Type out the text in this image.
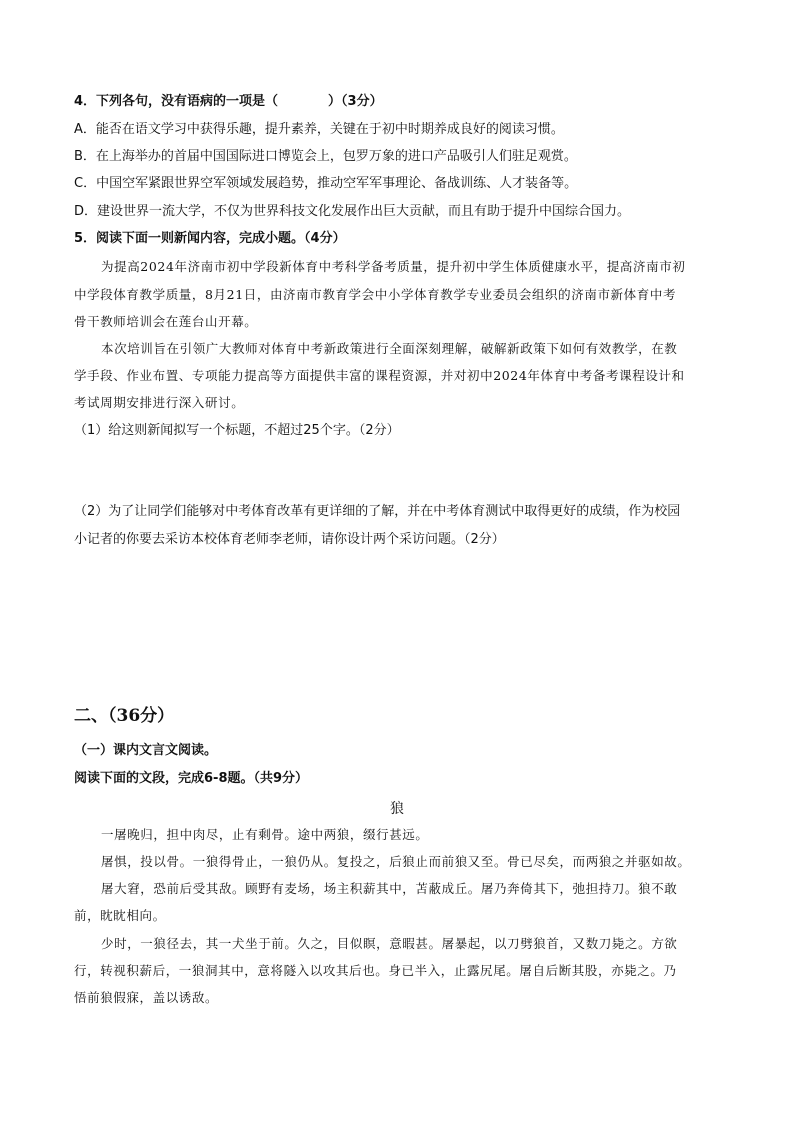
4．下列各句，没有语病的一项是（	）（3分）
A．能否在语文学习中获得乐趣，提升素养，关键在于初中时期养成良好的阅读习惯。
B．在上海举办的首届中国国际进口博览会上，包罗万象的进口产品吸引人们驻足观赏。
C．中国空军紧跟世界空军领域发展趋势，推动空军军事理论、备战训练、人才装备等。
D．建设世界一流大学，不仅为世界科技文化发展作出巨大贡献，而且有助于提升中国综合国力。
5．阅读下面一则新闻内容，完成小题。（4分）
为提高2024年济南市初中学段新体育中考科学备考质量，提升初中学生体质健康水平，提高济南市初
中学段体育教学质量，8月21日，由济南市教育学会中小学体育教学专业委员会组织的济南市新体育中考
骨干教师培训会在莲台山开幕。
本次培训旨在引领广大教师对体育中考新政策进行全面深刻理解，破解新政策下如何有效教学，在教
学手段、作业布置、专项能力提高等方面提供丰富的课程资源，并对初中2024年体育中考备考课程设计和
考试周期安排进行深入研讨。
（1）给这则新闻拟写一个标题，不超过25个字。（2分）
（2）为了让同学们能够对中考体育改革有更详细的了解，并在中考体育测试中取得更好的成绩，作为校园
小记者的你要去采访本校体育老师李老师，请你设计两个采访问题。（2分）
二、（36分）
（一）课内文言文阅读。
阅读下面的文段，完成6-8题。（共9分）
狼
一屠晚归，担中肉尽，止有剩骨。途中两狼，缀行甚远。
屠惧，投以骨。一狼得骨止，一狼仍从。复投之，后狼止而前狼又至。骨已尽矣，而两狼之并驱如故。
屠大窘，恐前后受其敌。顾野有麦场，场主积薪其中，苫蔽成丘。屠乃奔倚其下，弛担持刀。狼不敢
前，眈眈相向。
少时，一狼径去，其一犬坐于前。久之，目似瞑，意暇甚。屠暴起，以刀劈狼首，又数刀毙之。方欲
行，转视积薪后，一狼洞其中，意将隧入以攻其后也。身已半入，止露尻尾。屠自后断其股，亦毙之。乃
悟前狼假寐，盖以诱敌。
